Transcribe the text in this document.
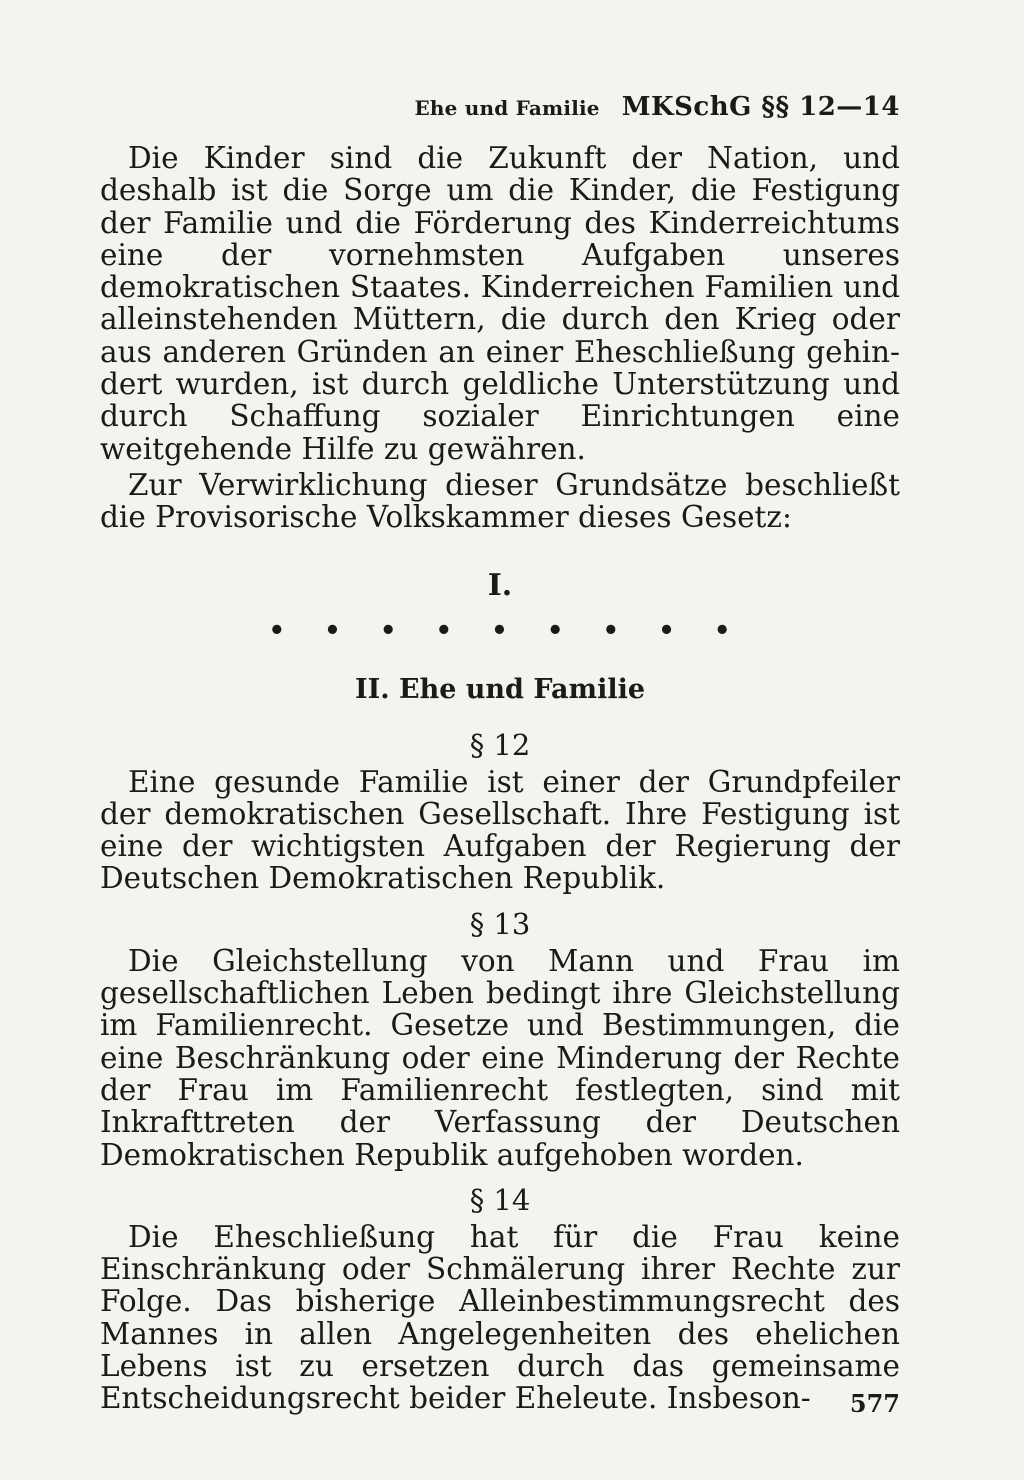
Ehe und Familie MKSchG §§ 12—14

Die Kinder sind die Zukunft der Nation, und deshalb ist die Sorge um die Kinder, die Festigung der Familie und die Förderung des Kinderreichtums eine der vornehmsten Aufgaben unseres demokratischen Staates. Kinderreichen Familien und alleinstehenden Müttern, die durch den Krieg oder aus anderen Gründen an einer Eheschließung gehindert wurden, ist durch geldliche Unterstützung und durch Schaffung sozialer Einrichtungen eine weitgehende Hilfe zu gewähren.

Zur Verwirklichung dieser Grundsätze beschließt die Provisorische Volkskammer dieses Gesetz:

I.
• • • • • • • • •
II. Ehe und Familie
§ 12

Eine gesunde Familie ist einer der Grundpfeiler der demokratischen Gesellschaft. Ihre Festigung ist eine der wichtigsten Aufgaben der Regierung der Deutschen Demokratischen Republik.

§ 13

Die Gleichstellung von Mann und Frau im gesellschaftlichen Leben bedingt ihre Gleichstellung im Familienrecht. Gesetze und Bestimmungen, die eine Beschränkung oder eine Minderung der Rechte der Frau im Familienrecht festlegten, sind mit Inkrafttreten der Verfassung der Deutschen Demokratischen Republik aufgehoben worden.

§ 14

Die Eheschließung hat für die Frau keine Einschränkung oder Schmälerung ihrer Rechte zur Folge. Das bisherige Alleinbestimmungsrecht des Mannes in allen Angelegenheiten des ehelichen Lebens ist zu ersetzen durch das gemeinsame Entscheidungsrecht beider Eheleute. Insbeson-	577
